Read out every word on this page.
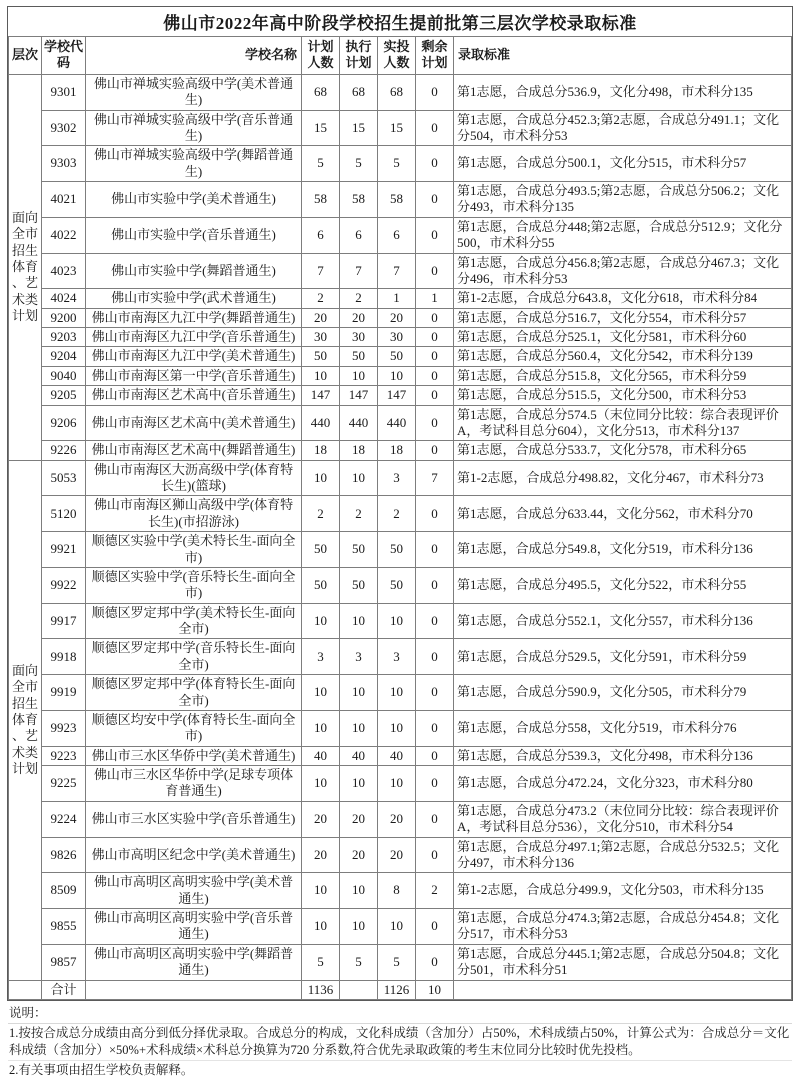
佛山市2022年高中阶段学校招生提前批第三层次学校录取标准
层次	学校代码	学校名称	计划人数	执行计划	实投人数	剩余计划	录取标准
面向全市招生体育、艺术类计划	9301	佛山市禅城实验高级中学(美术普通生)	68	68	68	0	第1志愿，合成总分536.9，文化分498，市术科分135
	9302	佛山市禅城实验高级中学(音乐普通生)	15	15	15	0	第1志愿，合成总分452.3;第2志愿，合成总分491.1；文化分504，市术科分53
	9303	佛山市禅城实验高级中学(舞蹈普通生)	5	5	5	0	第1志愿，合成总分500.1，文化分515，市术科分57
	4021	佛山市实验中学(美术普通生)	58	58	58	0	第1志愿，合成总分493.5;第2志愿，合成总分506.2；文化分493，市术科分135
	4022	佛山市实验中学(音乐普通生)	6	6	6	0	第1志愿，合成总分448;第2志愿，合成总分512.9；文化分500，市术科分55
	4023	佛山市实验中学(舞蹈普通生)	7	7	7	0	第1志愿，合成总分456.8;第2志愿，合成总分467.3；文化分496，市术科分53
	4024	佛山市实验中学(武术普通生)	2	2	1	1	第1-2志愿，合成总分643.8，文化分618，市术科分84
	9200	佛山市南海区九江中学(舞蹈普通生)	20	20	20	0	第1志愿，合成总分516.7，文化分554，市术科分57
	9203	佛山市南海区九江中学(音乐普通生)	30	30	30	0	第1志愿，合成总分525.1，文化分581，市术科分60
	9204	佛山市南海区九江中学(美术普通生)	50	50	50	0	第1志愿，合成总分560.4，文化分542，市术科分139
	9040	佛山市南海区第一中学(音乐普通生)	10	10	10	0	第1志愿，合成总分515.8，文化分565，市术科分59
	9205	佛山市南海区艺术高中(音乐普通生)	147	147	147	0	第1志愿，合成总分515.5，文化分500，市术科分53
	9206	佛山市南海区艺术高中(美术普通生)	440	440	440	0	第1志愿，合成总分574.5（末位同分比较：综合表现评价A，考试科目总分604），文化分513，市术科分137
	9226	佛山市南海区艺术高中(舞蹈普通生)	18	18	18	0	第1志愿，合成总分533.7，文化分578，市术科分65
面向全市招生体育、艺术类计划	5053	佛山市南海区大沥高级中学(体育特长生)(篮球)	10	10	3	7	第1-2志愿，合成总分498.82，文化分467，市术科分73
	5120	佛山市南海区狮山高级中学(体育特长生)(市招游泳)	2	2	2	0	第1志愿，合成总分633.44，文化分562，市术科分70
	9921	顺德区实验中学(美术特长生-面向全市)	50	50	50	0	第1志愿，合成总分549.8，文化分519，市术科分136
	9922	顺德区实验中学(音乐特长生-面向全市)	50	50	50	0	第1志愿，合成总分495.5，文化分522，市术科分55
	9917	顺德区罗定邦中学(美术特长生-面向全市)	10	10	10	0	第1志愿，合成总分552.1，文化分557，市术科分136
	9918	顺德区罗定邦中学(音乐特长生-面向全市)	3	3	3	0	第1志愿，合成总分529.5，文化分591，市术科分59
	9919	顺德区罗定邦中学(体育特长生-面向全市)	10	10	10	0	第1志愿，合成总分590.9，文化分505，市术科分79
	9923	顺德区均安中学(体育特长生-面向全市)	10	10	10	0	第1志愿，合成总分558，文化分519，市术科分76
	9223	佛山市三水区华侨中学(美术普通生)	40	40	40	0	第1志愿，合成总分539.3，文化分498，市术科分136
	9225	佛山市三水区华侨中学(足球专项体育普通生)	10	10	10	0	第1志愿，合成总分472.24，文化分323，市术科分80
	9224	佛山市三水区实验中学(音乐普通生)	20	20	20	0	第1志愿，合成总分473.2（末位同分比较：综合表现评价A，考试科目总分536），文化分510，市术科分54
	9826	佛山市高明区纪念中学(美术普通生)	20	20	20	0	第1志愿，合成总分497.1;第2志愿，合成总分532.5；文化分497，市术科分136
	8509	佛山市高明区高明实验中学(美术普通生)	10	10	8	2	第1-2志愿，合成总分499.9，文化分503，市术科分135
	9855	佛山市高明区高明实验中学(音乐普通生)	10	10	10	0	第1志愿，合成总分474.3;第2志愿，合成总分454.8；文化分517，市术科分53
	9857	佛山市高明区高明实验中学(舞蹈普通生)	5	5	5	0	第1志愿，合成总分445.1;第2志愿，合成总分504.8；文化分501，市术科分51
	合计		1136		1126	10	
说明：
1.按按合成总分成绩由高分到低分择优录取。合成总分的构成，文化科成绩（含加分）占50%，术科成绩占50%，计算公式为：合成总分＝文化科成绩（含加分）×50%+术科成绩×术科总分换算为720 分系数,符合优先录取政策的考生末位同分比较时优先投档。
2.有关事项由招生学校负责解释。
